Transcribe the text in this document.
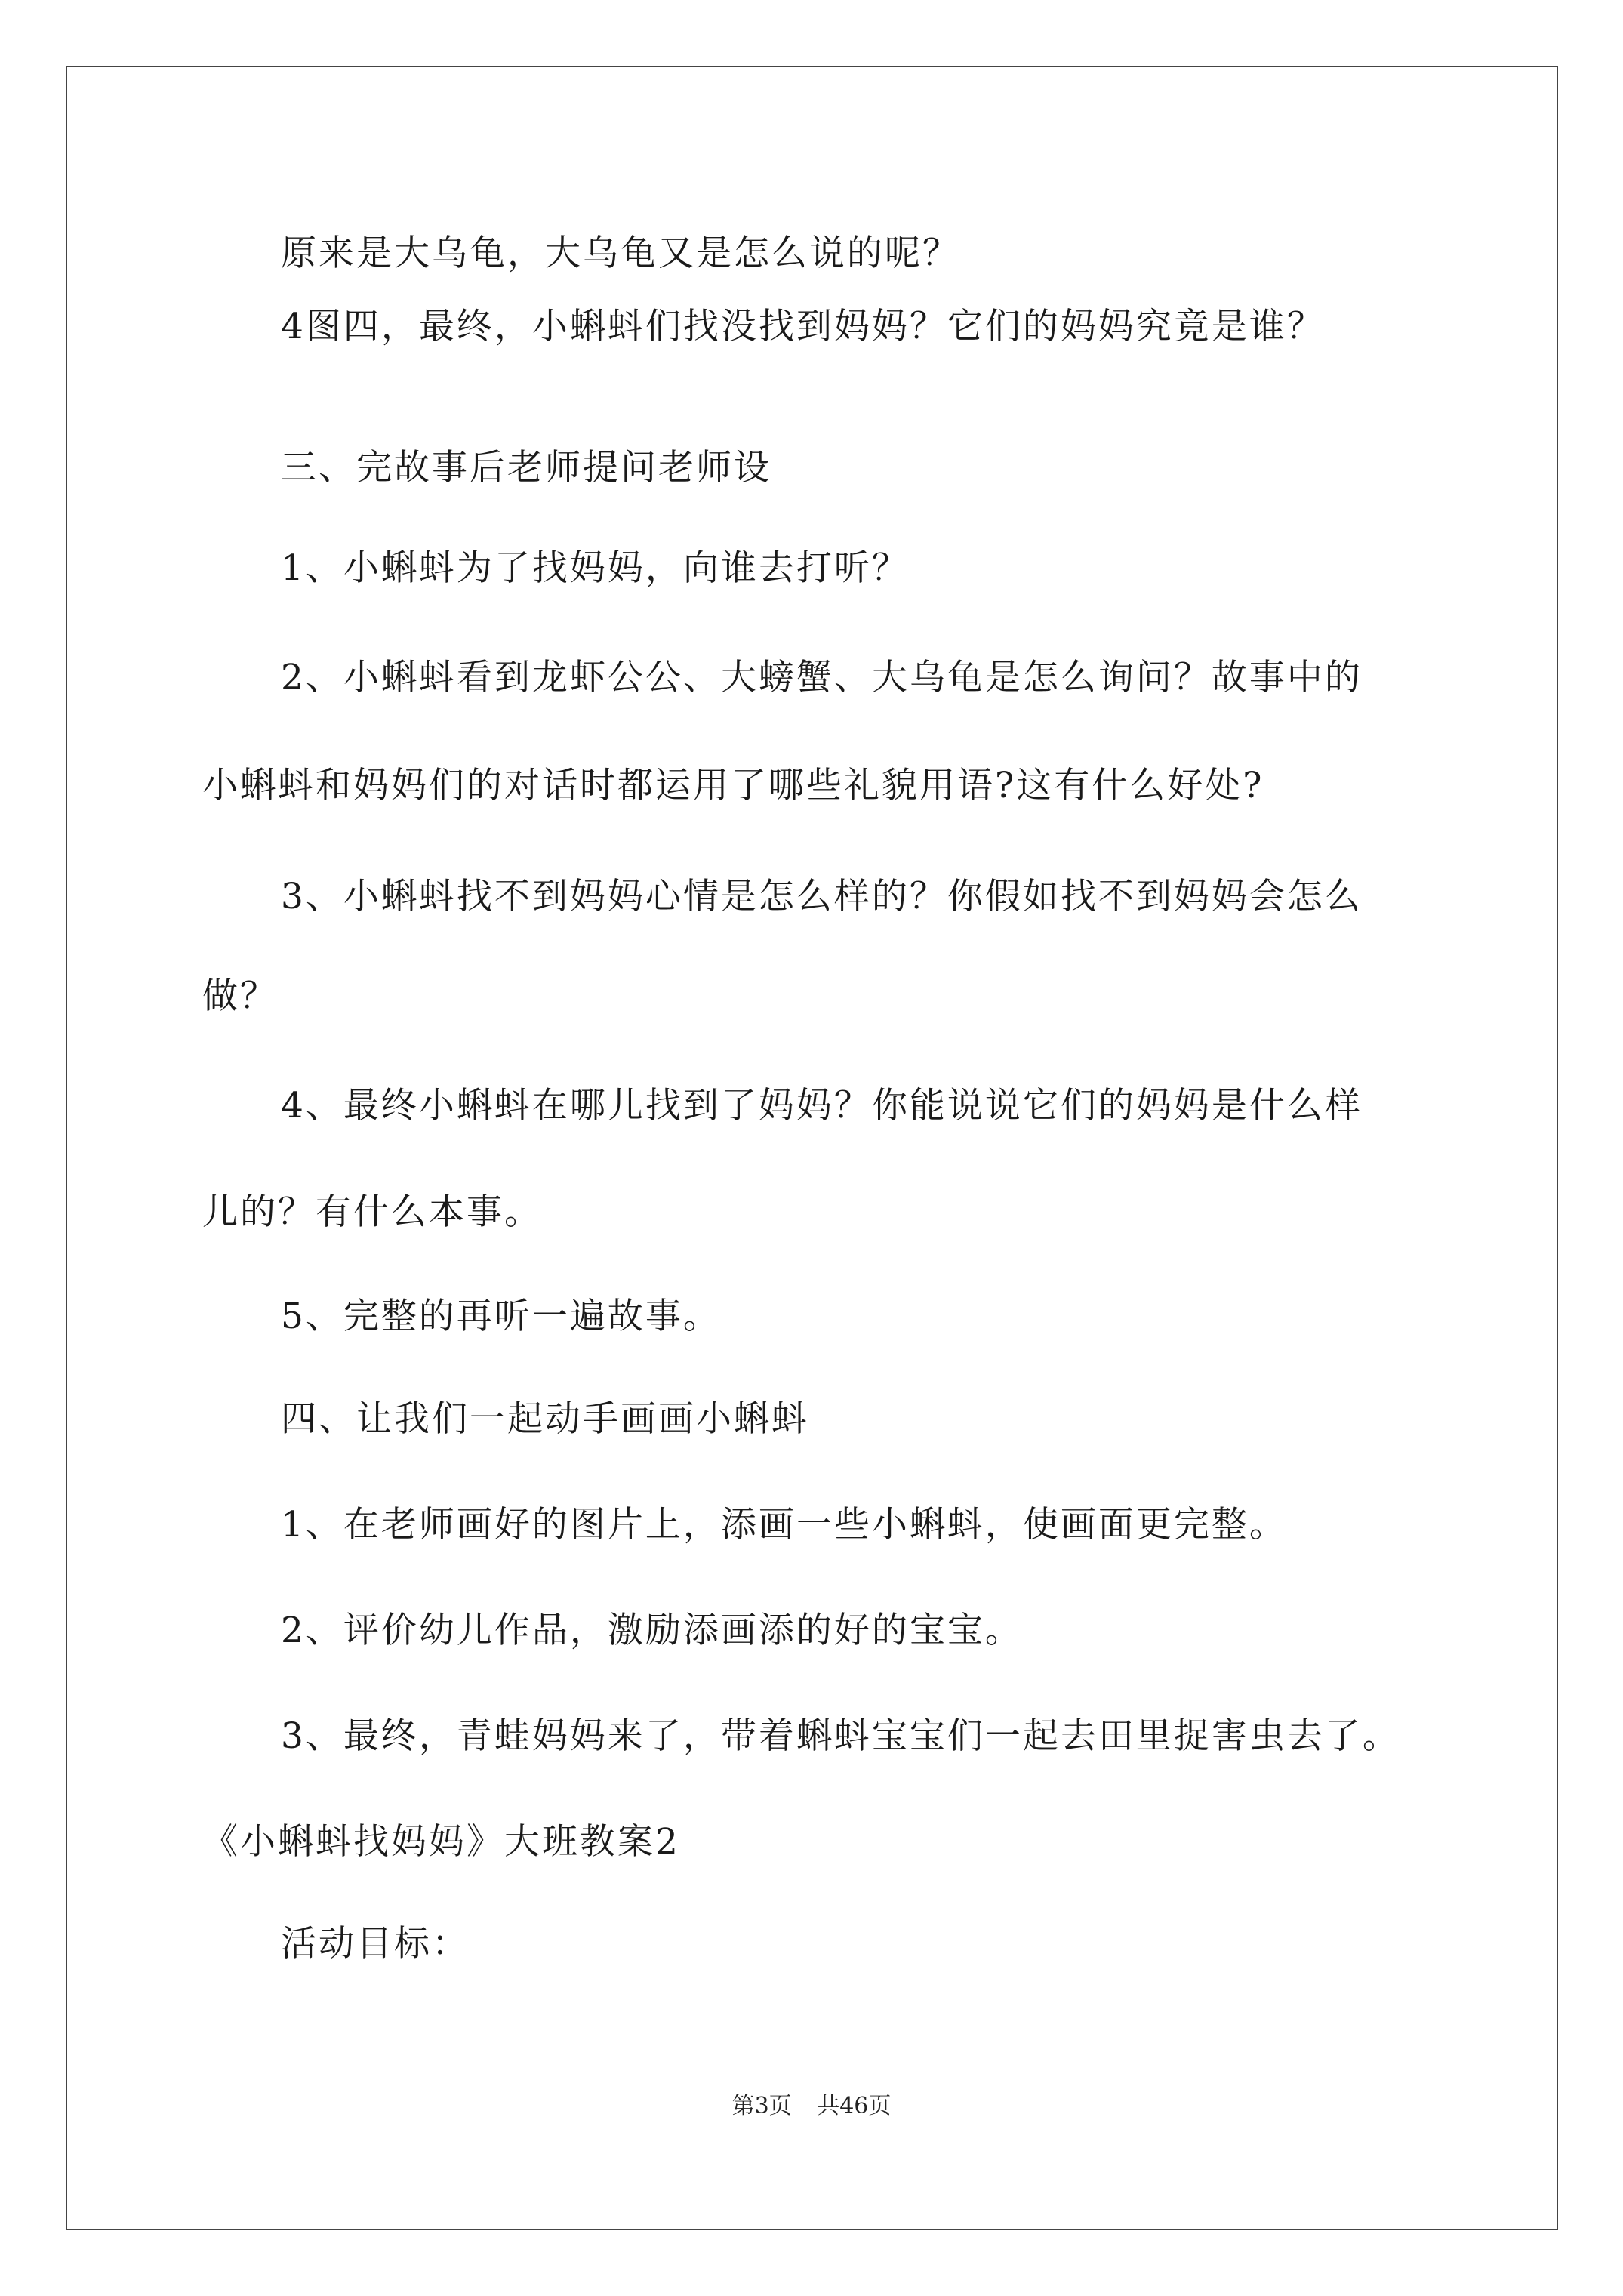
原来是大乌龟，大乌龟又是怎么说的呢？
4图四，最终，小蝌蚪们找没找到妈妈？它们的妈妈究竟是谁？
三、完故事后老师提问老师设
1、小蝌蚪为了找妈妈，向谁去打听？
2、小蝌蚪看到龙虾公公、大螃蟹、大乌龟是怎么询问？故事中的
小蝌蚪和妈妈们的对话时都运用了哪些礼貌用语?这有什么好处?
3、小蝌蚪找不到妈妈心情是怎么样的？你假如找不到妈妈会怎么
做？
4、最终小蝌蚪在哪儿找到了妈妈？你能说说它们的妈妈是什么样
儿的？有什么本事。
5、完整的再听一遍故事。
四、让我们一起动手画画小蝌蚪
1、在老师画好的图片上，添画一些小蝌蚪，使画面更完整。
2、评价幼儿作品，激励添画添的好的宝宝。
3、最终，青蛙妈妈来了，带着蝌蚪宝宝们一起去田里捉害虫去了。
《小蝌蚪找妈妈》大班教案2
活动目标：
第3页 共46页
